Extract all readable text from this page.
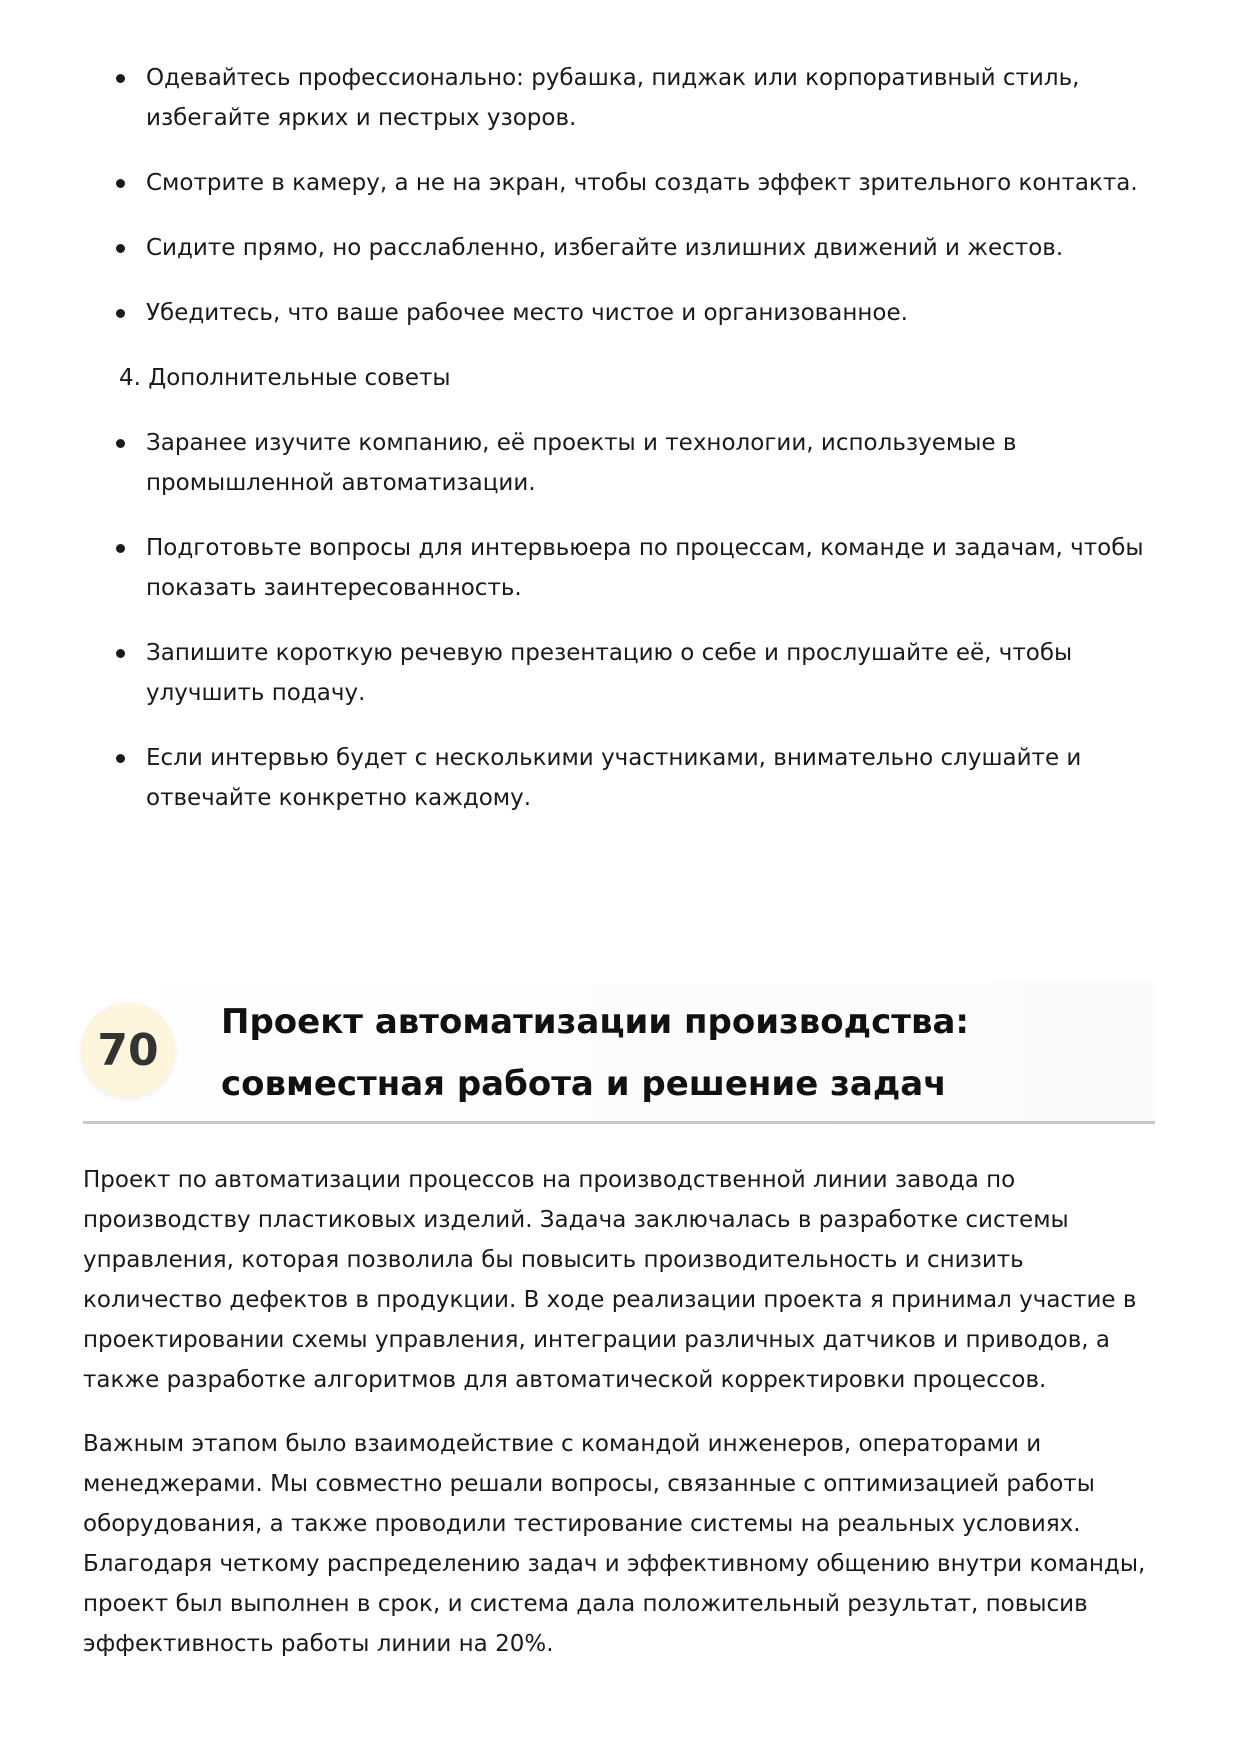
Одевайтесь профессионально: рубашка, пиджак или корпоративный стиль, избегайте ярких и пестрых узоров.
Смотрите в камеру, а не на экран, чтобы создать эффект зрительного контакта.
Сидите прямо, но расслабленно, избегайте излишних движений и жестов.
Убедитесь, что ваше рабочее место чистое и организованное.
4. Дополнительные советы
Заранее изучите компанию, её проекты и технологии, используемые в промышленной автоматизации.
Подготовьте вопросы для интервьюера по процессам, команде и задачам, чтобы показать заинтересованность.
Запишите короткую речевую презентацию о себе и прослушайте её, чтобы улучшить подачу.
Если интервью будет с несколькими участниками, внимательно слушайте и отвечайте конкретно каждому.
70
Проект автоматизации производства: совместная работа и решение задач

Проект по автоматизации процессов на производственной линии завода по производству пластиковых изделий. Задача заключалась в разработке системы управления, которая позволила бы повысить производительность и снизить количество дефектов в продукции. В ходе реализации проекта я принимал участие в проектировании схемы управления, интеграции различных датчиков и приводов, а также разработке алгоритмов для автоматической корректировки процессов.

Важным этапом было взаимодействие с командой инженеров, операторами и менеджерами. Мы совместно решали вопросы, связанные с оптимизацией работы оборудования, а также проводили тестирование системы на реальных условиях. Благодаря четкому распределению задач и эффективному общению внутри команды, проект был выполнен в срок, и система дала положительный результат, повысив эффективность работы линии на 20%.
